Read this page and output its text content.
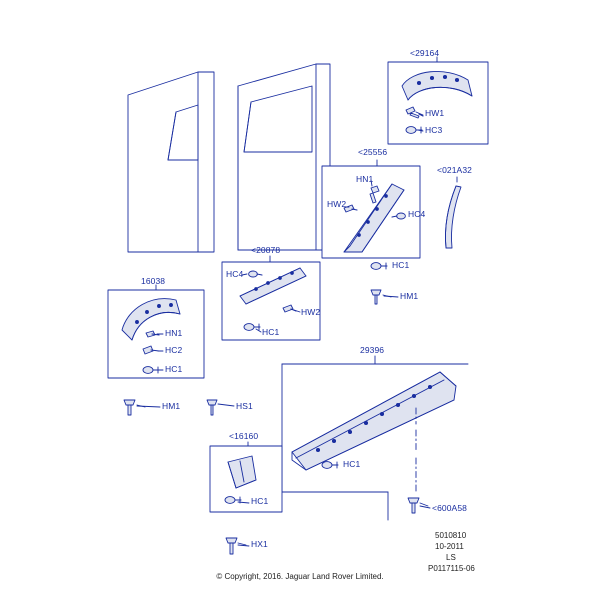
<29164
HW1
HC3
<25556
<021A32
HN1
HW2
HC4
HC1
<20878
HC4
HM1
HW2
HC1
16038
HN1
HC2
HC1
29396
HM1	HS1
<16160
HC1
HC1
<600A58
HX1
5010810
10-2011
LS
P0117115-06
© Copyright, 2016. Jaguar Land Rover Limited.
